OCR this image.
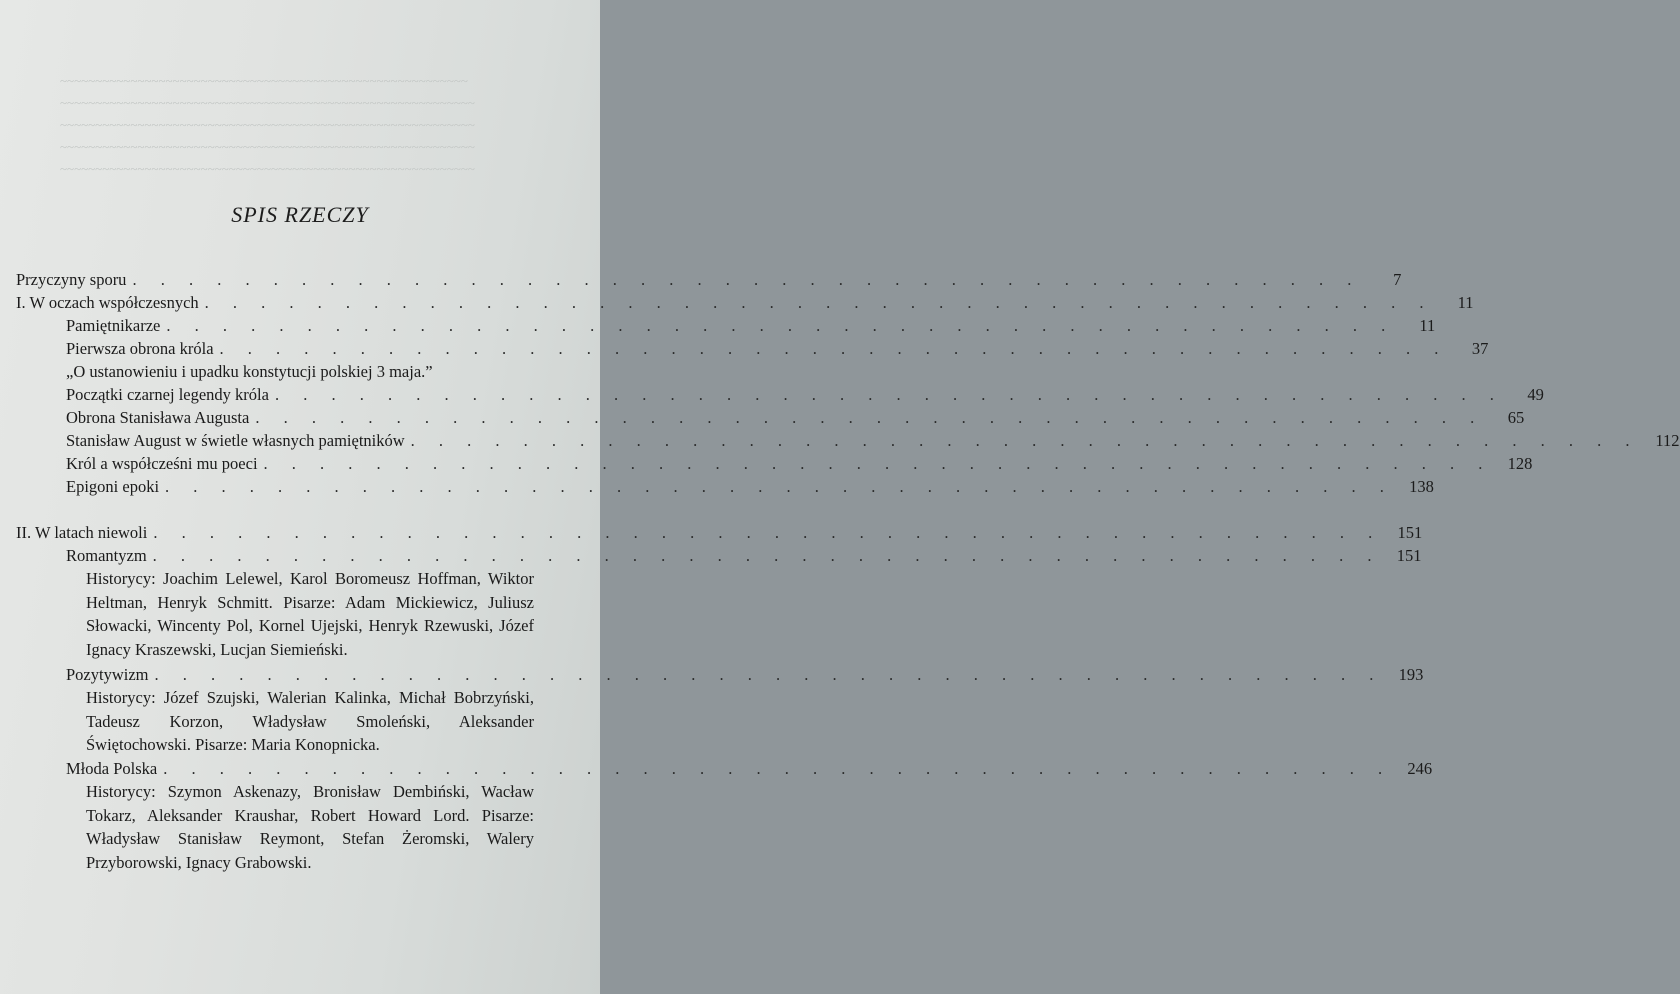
~~~~~~~~~~~~~~~~~~~~~~~~~~~~~~~~~~~~~~~~~~~~~~~~~~~~~~~~~~
~~~~~~~~~~~~~~~~~~~~~~~~~~~~~~~~~~~~~~~~~~~~~~~~~~~~~~~~~~~
~~~~~~~~~~~~~~~~~~~~~~~~~~~~~~~~~~~~~~~~~~~~~~~~~~~~~~~~~~~
~~~~~~~~~~~~~~~~~~~~~~~~~~~~~~~~~~~~~~~~~~~~~~~~~~~~~~~~~~~
~~~~~~~~~~~~~~~~~~~~~~~~~~~~~~~~~~~~~~~~~~~~~~~~~~~~~~~~~~~
SPIS RZECZY
Przyczyny sporu . . . . . . . . . . . . . . . . . . . . . . . . . . . . . . . . . . . . . . . . . . . .	7
I. W oczach współczesnych . . . . . . . . . . . . . . . . . . . . . . . . . . . . . . . . . . . . . . . . . . . .	11
Pamiętnikarze . . . . . . . . . . . . . . . . . . . . . . . . . . . . . . . . . . . . . . . . . . . .	11
Pierwsza obrona króla . . . . . . . . . . . . . . . . . . . . . . . . . . . . . . . . . . . . . . . . . . . .	37
„O ustanowieniu i upadku konstytucji polskiej 3 maja.”
Początki czarnej legendy króla . . . . . . . . . . . . . . . . . . . . . . . . . . . . . . . . . . . . . . . . . . . .	49
Obrona Stanisława Augusta . . . . . . . . . . . . . . . . . . . . . . . . . . . . . . . . . . . . . . . . . . . .	65
Stanisław August w świetle własnych pamiętników . . . . . . . . . . . . . . . . . . . . . . . . . . . . . . . . . . . . . . . . . . . . 112
Król a współcześni mu poeci . . . . . . . . . . . . . . . . . . . . . . . . . . . . . . . . . . . . . . . . . . . . 128
Epigoni epoki . . . . . . . . . . . . . . . . . . . . . . . . . . . . . . . . . . . . . . . . . . . . 138
II. W latach niewoli . . . . . . . . . . . . . . . . . . . . . . . . . . . . . . . . . . . . . . . . . . . . 151
Romantyzm . . . . . . . . . . . . . . . . . . . . . . . . . . . . . . . . . . . . . . . . . . . . 151
Historycy: Joachim Lelewel, Karol Boromeusz Hoffman, Wiktor Heltman, Henryk Schmitt. Pisarze: Adam Mickiewicz, Juliusz Słowacki, Wincenty Pol, Kornel Ujejski, Henryk Rzewuski, Józef Ignacy Kraszewski, Lucjan Siemieński.
Pozytywizm . . . . . . . . . . . . . . . . . . . . . . . . . . . . . . . . . . . . . . . . . . . . 193
Historycy: Józef Szujski, Walerian Kalinka, Michał Bobrzyński, Tadeusz Korzon, Władysław Smoleński, Aleksander Świętochowski. Pisarze: Maria Konopnicka.
Młoda Polska . . . . . . . . . . . . . . . . . . . . . . . . . . . . . . . . . . . . . . . . . . . . 246
Historycy: Szymon Askenazy, Bronisław Dembiński, Wacław Tokarz, Aleksander Kraushar, Robert Howard Lord. Pisarze: Władysław Stanisław Reymont, Stefan Żeromski, Walery Przyborowski, Ignacy Grabowski.
